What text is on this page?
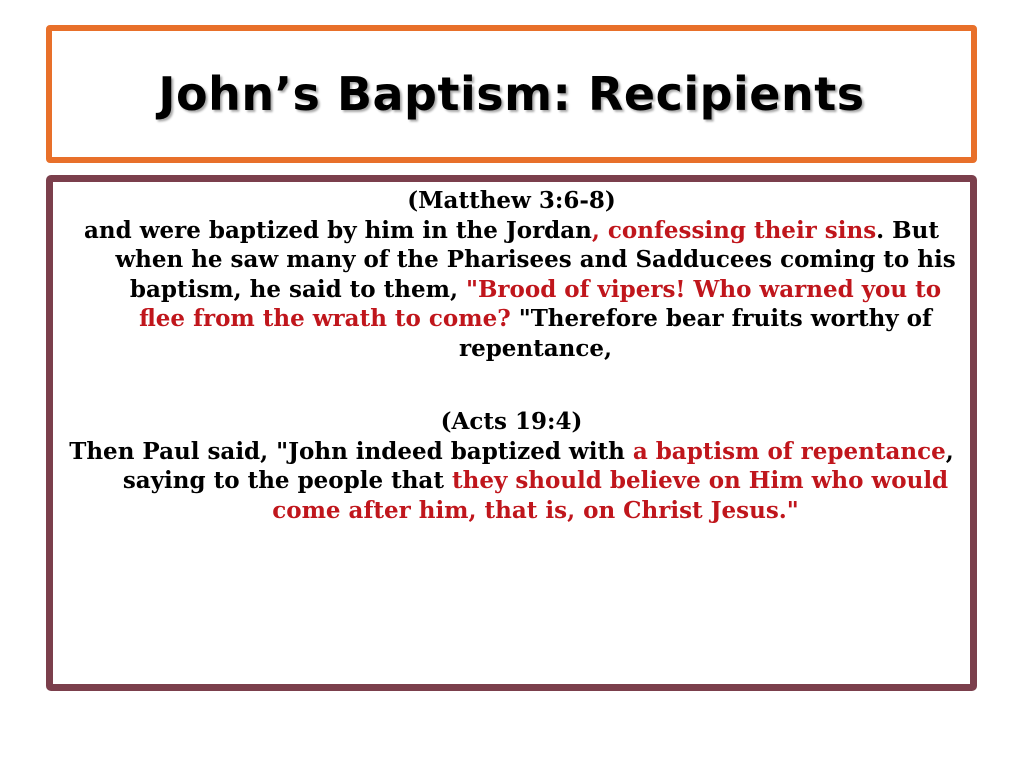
John’s Baptism: Recipients

(Matthew 3:6-8)

and were baptized by him in the Jordan, confessing their sins. But when he saw many of the Pharisees and Sadducees coming to his baptism, he said to them, "Brood of vipers! Who warned you to flee from the wrath to come? "Therefore bear fruits worthy of repentance,

(Acts 19:4)

Then Paul said, "John indeed baptized with a baptism of repentance, saying to the people that they should believe on Him who would come after him, that is, on Christ Jesus."
